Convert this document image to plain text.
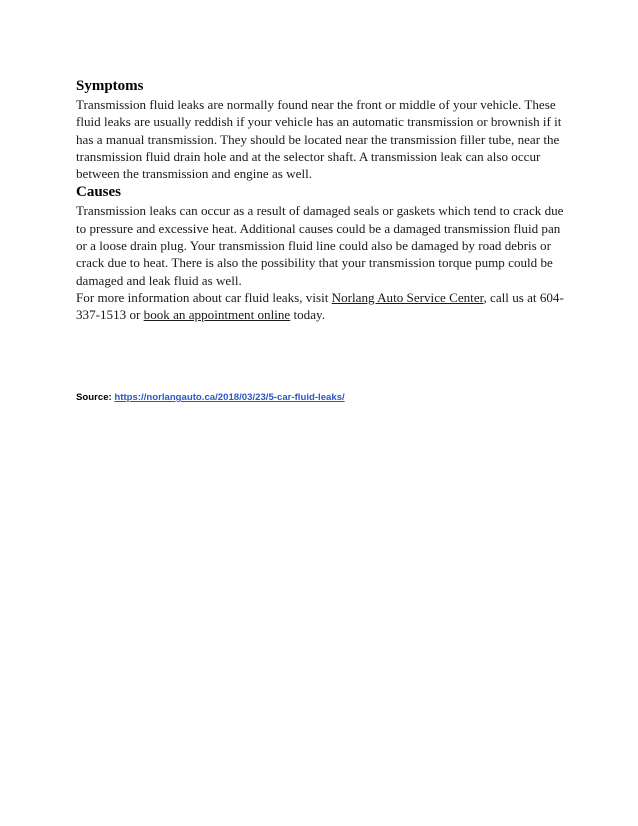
Symptoms

Transmission fluid leaks are normally found near the front or middle of your vehicle. These fluid leaks are usually reddish if your vehicle has an automatic transmission or brownish if it has a manual transmission. They should be located near the transmission filler tube, near the transmission fluid drain hole and at the selector shaft. A transmission leak can also occur between the transmission and engine as well.

Causes

Transmission leaks can occur as a result of damaged seals or gaskets which tend to crack due to pressure and excessive heat. Additional causes could be a damaged transmission fluid pan or a loose drain plug. Your transmission fluid line could also be damaged by road debris or crack due to heat. There is also the possibility that your transmission torque pump could be damaged and leak fluid as well.

For more information about car fluid leaks, visit Norlang Auto Service Center, call us at 604-337-1513 or book an appointment online today.

Source: https://norlangauto.ca/2018/03/23/5-car-fluid-leaks/
